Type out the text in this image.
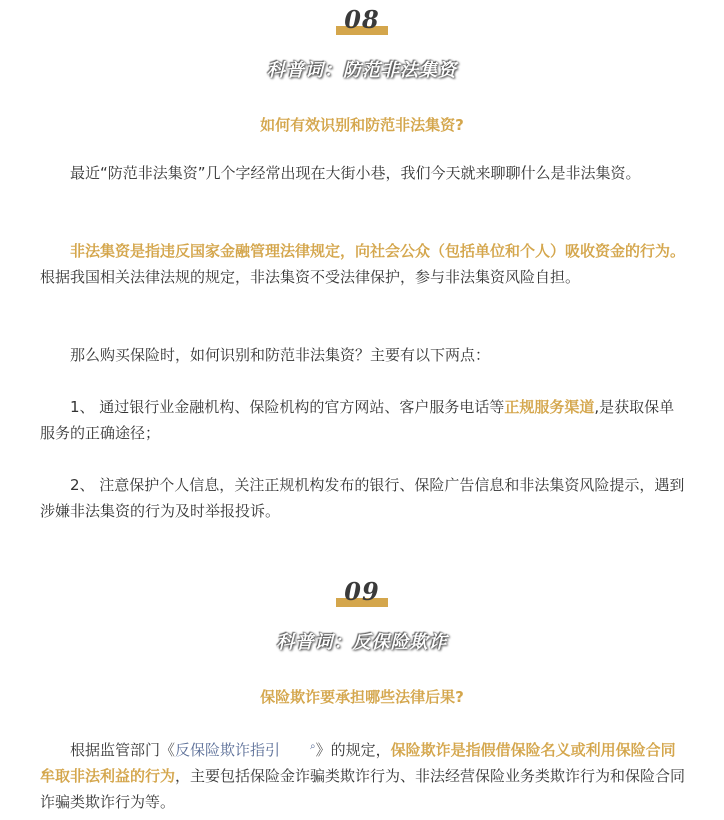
08
科普词：防范非法集资
如何有效识别和防范非法集资?
最近“防范非法集资”几个字经常出现在大街小巷，我们今天就来聊聊什么是非法集资。
非法集资是指违反国家金融管理法律规定，向社会公众（包括单位和个人）吸收资金的行为。根据我国相关法律法规的规定，非法集资不受法律保护，参与非法集资风险自担。
那么购买保险时，如何识别和防范非法集资？主要有以下两点：
1、 通过银行业金融机构、保险机构的官方网站、客户服务电话等正规服务渠道,是获取保单服务的正确途径；
2、 注意保护个人信息，关注正规机构发布的银行、保险广告信息和非法集资风险提示，遇到涉嫌非法集资的行为及时举报投诉。
09
科普词：反保险欺诈
保险欺诈要承担哪些法律后果?
根据监管部门《反保险欺诈指引	⌕》的规定，保险欺诈是指假借保险名义或利用保险合同牟取非法利益的行为，主要包括保险金诈骗类欺诈行为、非法经营保险业务类欺诈行为和保险合同诈骗类欺诈行为等。
